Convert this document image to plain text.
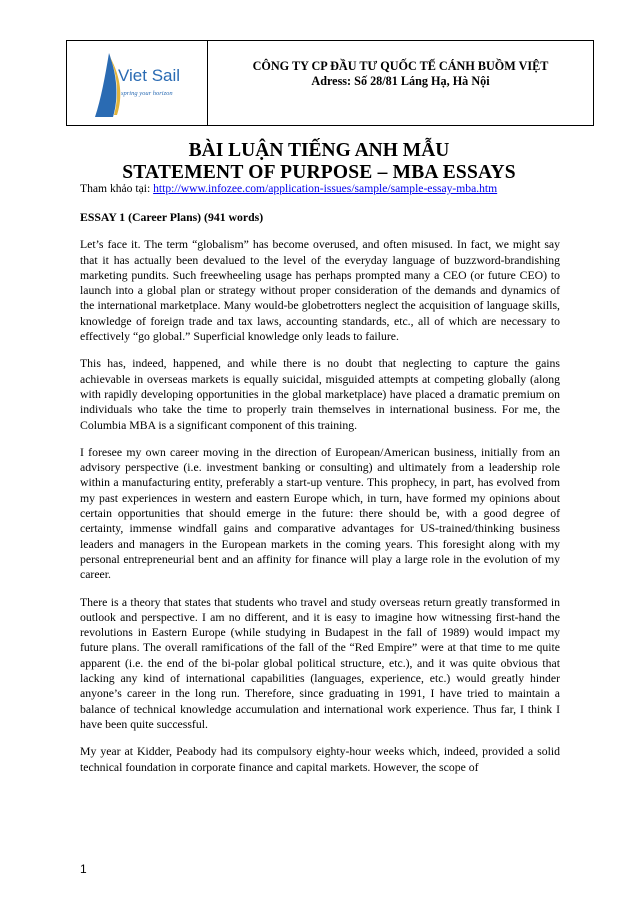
Viet Sail
spring your horizon
CÔNG TY CP ĐẦU TƯ QUỐC TẾ CÁNH BUỒM VIỆT
Adress: Số 28/81 Láng Hạ, Hà Nội
BÀI LUẬN TIẾNG ANH MẪU
STATEMENT OF PURPOSE – MBA ESSAYS
Tham khảo tại: http://www.infozee.com/application-issues/sample/sample-essay-mba.htm

ESSAY 1 (Career Plans) (941 words)

Let’s face it. The term “globalism” has become overused, and often misused. In fact, we might say that it has actually been devalued to the level of the everyday language of buzzword-brandishing marketing pundits. Such freewheeling usage has perhaps prompted many a CEO (or future CEO) to launch into a global plan or strategy without proper consideration of the demands and dynamics of the international marketplace. Many would-be globetrotters neglect the acquisition of language skills, knowledge of foreign trade and tax laws, accounting standards, etc., all of which are necessary to effectively “go global.” Superficial knowledge only leads to failure.

This has, indeed, happened, and while there is no doubt that neglecting to capture the gains achievable in overseas markets is equally suicidal, misguided attempts at competing globally (along with rapidly developing opportunities in the global marketplace) have placed a dramatic premium on individuals who take the time to properly train themselves in international business. For me, the Columbia MBA is a significant component of this training.

I foresee my own career moving in the direction of European/American business, initially from an advisory perspective (i.e. investment banking or consulting) and ultimately from a leadership role within a manufacturing entity, preferably a start-up venture. This prophecy, in part, has evolved from my past experiences in western and eastern Europe which, in turn, have formed my opinions about certain opportunities that should emerge in the future: there should be, with a good degree of certainty, immense windfall gains and comparative advantages for US-trained/thinking business leaders and managers in the European markets in the coming years. This foresight along with my personal entrepreneurial bent and an affinity for finance will play a large role in the evolution of my career.

There is a theory that states that students who travel and study overseas return greatly transformed in outlook and perspective. I am no different, and it is easy to imagine how witnessing first-hand the revolutions in Eastern Europe (while studying in Budapest in the fall of 1989) would impact my future plans. The overall ramifications of the fall of the “Red Empire” were at that time to me quite apparent (i.e. the end of the bi-polar global political structure, etc.), and it was quite obvious that lacking any kind of international capabilities (languages, experience, etc.) would greatly hinder anyone’s career in the long run. Therefore, since graduating in 1991, I have tried to maintain a balance of technical knowledge accumulation and international work experience. Thus far, I think I have been quite successful.

My year at Kidder, Peabody had its compulsory eighty-hour weeks which, indeed, provided a solid technical foundation in corporate finance and capital markets. However, the scope of

1
